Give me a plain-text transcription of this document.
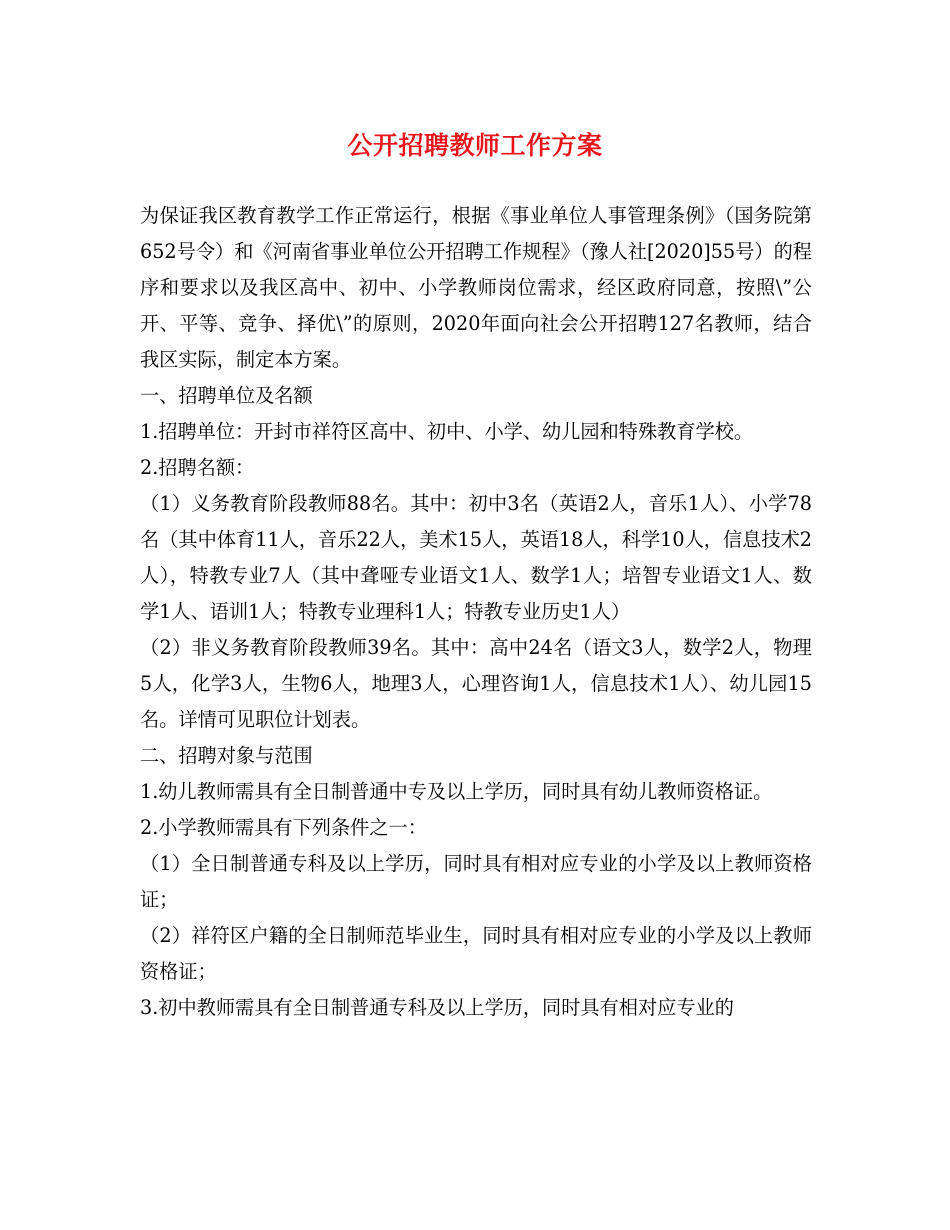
公开招聘教师工作方案

为保证我区教育教学工作正常运行，根据《事业单位人事管理条例》（国务院第652号令）和《河南省事业单位公开招聘工作规程》（豫人社[2020]55号）的程序和要求以及我区高中、初中、小学教师岗位需求，经区政府同意，按照\”公开、平等、竞争、择优\”的原则，2020年面向社会公开招聘127名教师，结合我区实际，制定本方案。

一、招聘单位及名额

1.招聘单位：开封市祥符区高中、初中、小学、幼儿园和特殊教育学校。

2.招聘名额：

（1）义务教育阶段教师88名。其中：初中3名（英语2人，音乐1人）、小学78名（其中体育11人，音乐22人，美术15人，英语18人，科学10人，信息技术2人），特教专业7人（其中聋哑专业语文1人、数学1人；培智专业语文1人、数学1人、语训1人；特教专业理科1人；特教专业历史1人）

（2）非义务教育阶段教师39名。其中：高中24名（语文3人，数学2人，物理5人，化学3人，生物6人，地理3人，心理咨询1人，信息技术1人）、幼儿园15名。详情可见职位计划表。

二、招聘对象与范围

1.幼儿教师需具有全日制普通中专及以上学历，同时具有幼儿教师资格证。

2.小学教师需具有下列条件之一：

（1）全日制普通专科及以上学历，同时具有相对应专业的小学及以上教师资格证；

（2）祥符区户籍的全日制师范毕业生，同时具有相对应专业的小学及以上教师资格证；

3.初中教师需具有全日制普通专科及以上学历，同时具有相对应专业的
